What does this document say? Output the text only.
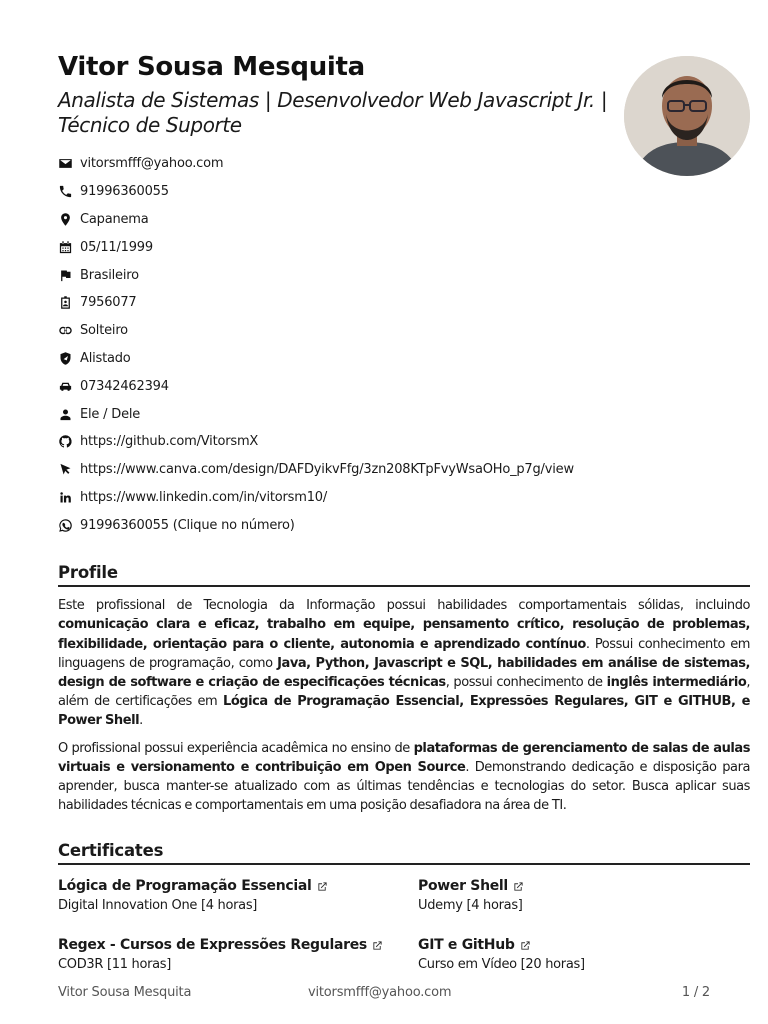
Vitor Sousa Mesquita
Analista de Sistemas | Desenvolvedor Web Javascript Jr. | Técnico de Suporte
vitorsmfff@yahoo.com
91996360055
Capanema
05/11/1999
Brasileiro
7956077
Solteiro
Alistado
07342462394
Ele / Dele
https://github.com/VitorsmX
https://www.canva.com/design/DAFDyikvFfg/3zn208KTpFvyWsaOHo_p7g/view
https://www.linkedin.com/in/vitorsm10/
91996360055 (Clique no número)
Profile

Este profissional de Tecnologia da Informação possui habilidades comportamentais sólidas, incluindo comunicação clara e eficaz, trabalho em equipe, pensamento crítico, resolução de problemas, flexibilidade, orientação para o cliente, autonomia e aprendizado contínuo. Possui conhecimento em linguagens de programação, como Java, Python, Javascript e SQL, habilidades em análise de sistemas, design de software e criação de especificações técnicas, possui conhecimento de inglês intermediário, além de certificações em Lógica de Programação Essencial, Expressões Regulares, GIT e GITHUB, e Power Shell.

O profissional possui experiência acadêmica no ensino de plataformas de gerenciamento de salas de aulas virtuais e versionamento e contribuição em Open Source. Demonstrando dedicação e disposição para aprender, busca manter-se atualizado com as últimas tendências e tecnologias do setor. Busca aplicar suas habilidades técnicas e comportamentais em uma posição desafiadora na área de TI.

Certificates
Lógica de Programação Essencial
Digital Innovation One [4 horas]
Power Shell
Udemy [4 horas]
Regex - Cursos de Expressões Regulares
COD3R [11 horas]
GIT e GitHub
Curso em Vídeo [20 horas]
Vitor Sousa Mesquita	vitorsmfff@yahoo.com	1 / 2
